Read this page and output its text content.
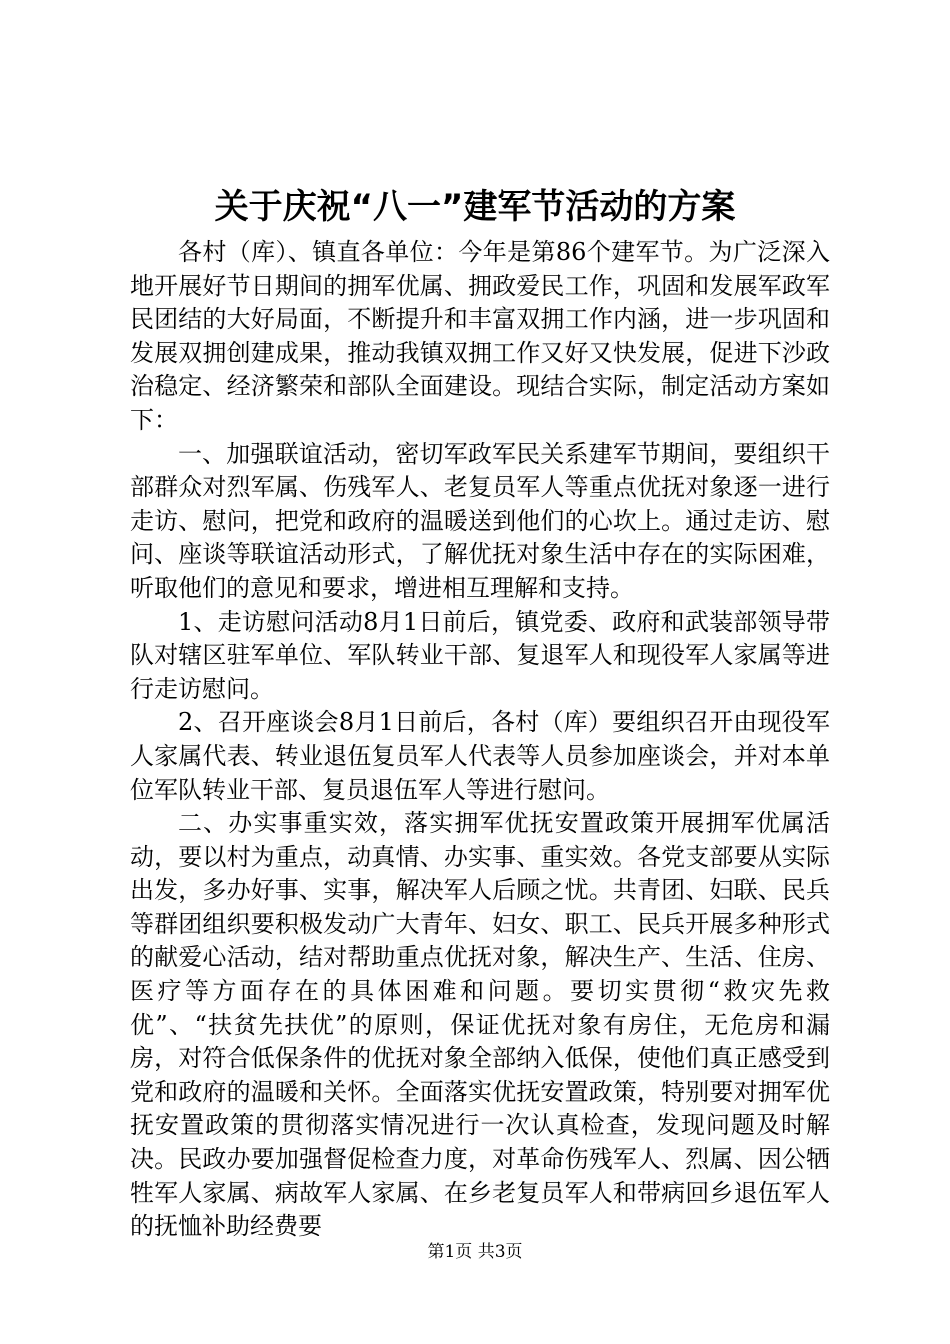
关于庆祝“八一”建军节活动的方案

各村（库）、镇直各单位：今年是第86个建军节。为广泛深入地开展好节日期间的拥军优属、拥政爱民工作，巩固和发展军政军民团结的大好局面，不断提升和丰富双拥工作内涵，进一步巩固和发展双拥创建成果，推动我镇双拥工作又好又快发展，促进下沙政治稳定、经济繁荣和部队全面建设。现结合实际，制定活动方案如下：

一、加强联谊活动，密切军政军民关系建军节期间，要组织干部群众对烈军属、伤残军人、老复员军人等重点优抚对象逐一进行走访、慰问，把党和政府的温暖送到他们的心坎上。通过走访、慰问、座谈等联谊活动形式，了解优抚对象生活中存在的实际困难，听取他们的意见和要求，增进相互理解和支持。

1、走访慰问活动8月1日前后，镇党委、政府和武装部领导带队对辖区驻军单位、军队转业干部、复退军人和现役军人家属等进行走访慰问。

2、召开座谈会8月1日前后，各村（库）要组织召开由现役军人家属代表、转业退伍复员军人代表等人员参加座谈会，并对本单位军队转业干部、复员退伍军人等进行慰问。

二、办实事重实效，落实拥军优抚安置政策开展拥军优属活动，要以村为重点，动真情、办实事、重实效。各党支部要从实际出发，多办好事、实事，解决军人后顾之忧。共青团、妇联、民兵等群团组织要积极发动广大青年、妇女、职工、民兵开展多种形式的献爱心活动，结对帮助重点优抚对象，解决生产、生活、住房、医疗等方面存在的具体困难和问题。要切实贯彻“救灾先救优”、“扶贫先扶优”的原则，保证优抚对象有房住，无危房和漏房，对符合低保条件的优抚对象全部纳入低保，使他们真正感受到党和政府的温暖和关怀。全面落实优抚安置政策，特别要对拥军优抚安置政策的贯彻落实情况进行一次认真检查，发现问题及时解决。民政办要加强督促检查力度，对革命伤残军人、烈属、因公牺牲军人家属、病故军人家属、在乡老复员军人和带病回乡退伍军人的抚恤补助经费要

第1页 共3页
